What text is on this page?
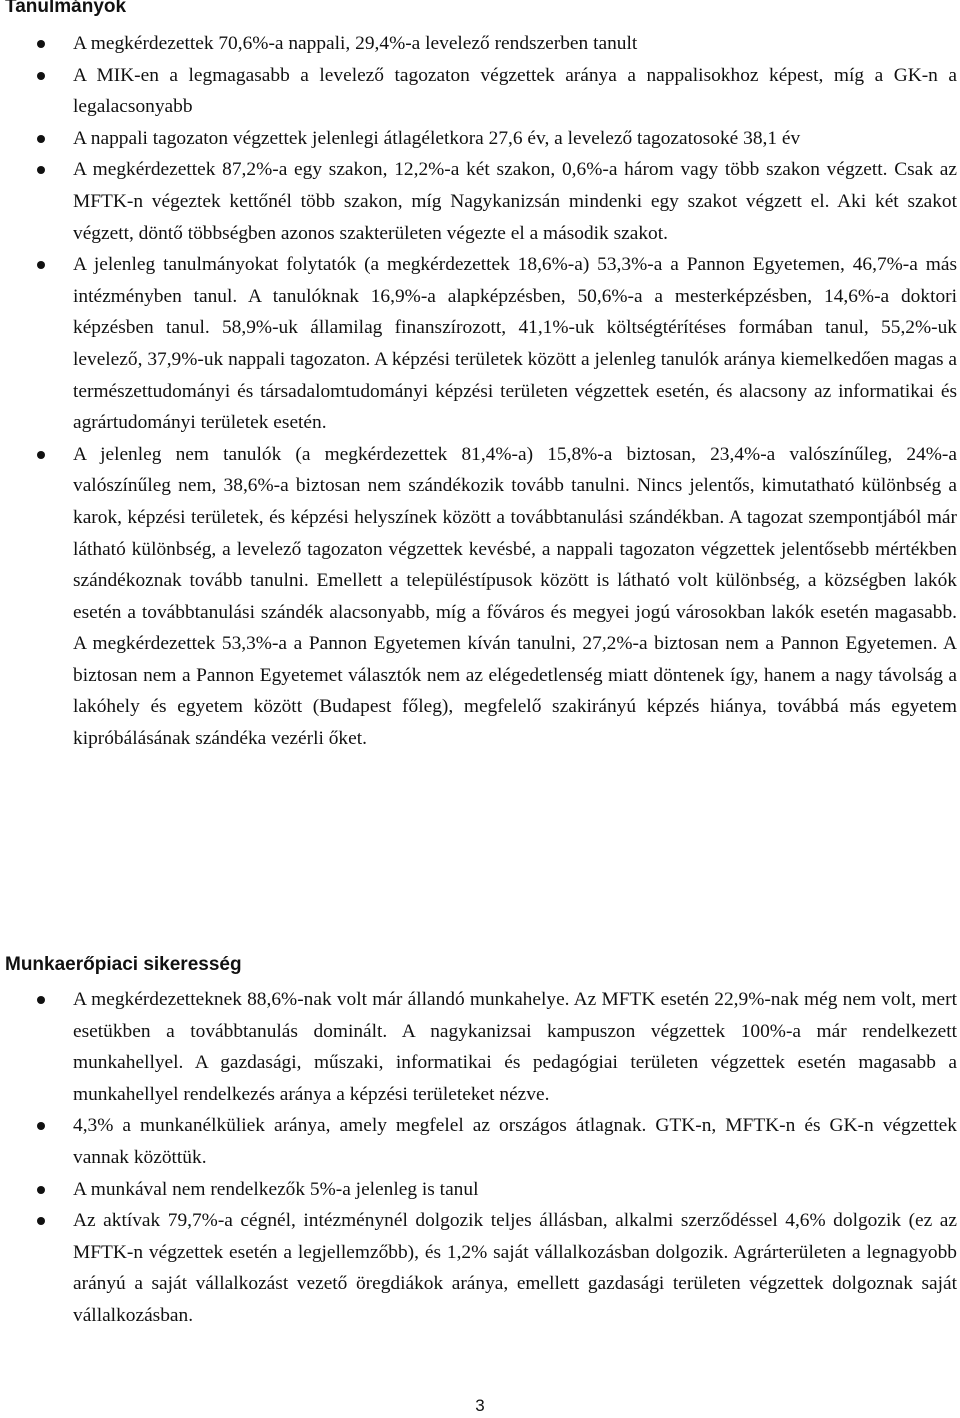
Tanulmányok
A megkérdezettek 70,6%-a nappali, 29,4%-a levelező rendszerben tanult
A MIK-en a legmagasabb a levelező tagozaton végzettek aránya a nappalisokhoz képest, míg a GK-n a legalacsonyabb
A nappali tagozaton végzettek jelenlegi átlagéletkora 27,6 év, a levelező tagozatosoké 38,1 év
A megkérdezettek 87,2%-a egy szakon, 12,2%-a két szakon, 0,6%-a három vagy több szakon végzett. Csak az MFTK-n végeztek kettőnél több szakon, míg Nagykanizsán mindenki egy szakot végzett el. Aki két szakot végzett, döntő többségben azonos szakterületen végezte el a második szakot.
A jelenleg tanulmányokat folytatók (a megkérdezettek 18,6%-a) 53,3%-a a Pannon Egyetemen, 46,7%-a más intézményben tanul. A tanulóknak 16,9%-a alapképzésben, 50,6%-a a mesterképzésben, 14,6%-a doktori képzésben tanul. 58,9%-uk államilag finanszírozott, 41,1%-uk költségtérítéses formában tanul, 55,2%-uk levelező, 37,9%-uk nappali tagozaton. A képzési területek között a jelenleg tanulók aránya kiemelkedően magas a természettudományi és társadalomtudományi képzési területen végzettek esetén, és alacsony az informatikai és agrártudományi területek esetén.
A jelenleg nem tanulók (a megkérdezettek 81,4%-a) 15,8%-a biztosan, 23,4%-a valószínűleg, 24%-a valószínűleg nem, 38,6%-a biztosan nem szándékozik tovább tanulni. Nincs jelentős, kimutatható különbség a karok, képzési területek, és képzési helyszínek között a továbbtanulási szándékban. A tagozat szempontjából már látható különbség, a levelező tagozaton végzettek kevésbé, a nappali tagozaton végzettek jelentősebb mértékben szándékoznak tovább tanulni. Emellett a településtípusok között is látható volt különbség, a községben lakók esetén a továbbtanulási szándék alacsonyabb, míg a főváros és megyei jogú városokban lakók esetén magasabb. A megkérdezettek 53,3%-a a Pannon Egyetemen kíván tanulni, 27,2%-a biztosan nem a Pannon Egyetemen. A biztosan nem a Pannon Egyetemet választók nem az elégedetlenség miatt döntenek így, hanem a nagy távolság a lakóhely és egyetem között (Budapest főleg), megfelelő szakirányú képzés hiánya, továbbá más egyetem kipróbálásának szándéka vezérli őket.
Munkaerőpiaci sikeresség
A megkérdezetteknek 88,6%-nak volt már állandó munkahelye. Az MFTK esetén 22,9%-nak még nem volt, mert esetükben a továbbtanulás dominált. A nagykanizsai kampuszon végzettek 100%-a már rendelkezett munkahellyel. A gazdasági, műszaki, informatikai és pedagógiai területen végzettek esetén magasabb a munkahellyel rendelkezés aránya a képzési területeket nézve.
4,3% a munkanélküliek aránya, amely megfelel az országos átlagnak. GTK-n, MFTK-n és GK-n végzettek vannak közöttük.
A munkával nem rendelkezők 5%-a jelenleg is tanul
Az aktívak 79,7%-a cégnél, intézménynél dolgozik teljes állásban, alkalmi szerződéssel 4,6% dolgozik (ez az MFTK-n végzettek esetén a legjellemzőbb), és 1,2% saját vállalkozásban dolgozik. Agrárterületen a legnagyobb arányú a saját vállalkozást vezető öregdiákok aránya, emellett gazdasági területen végzettek dolgoznak saját vállalkozásban.
3
